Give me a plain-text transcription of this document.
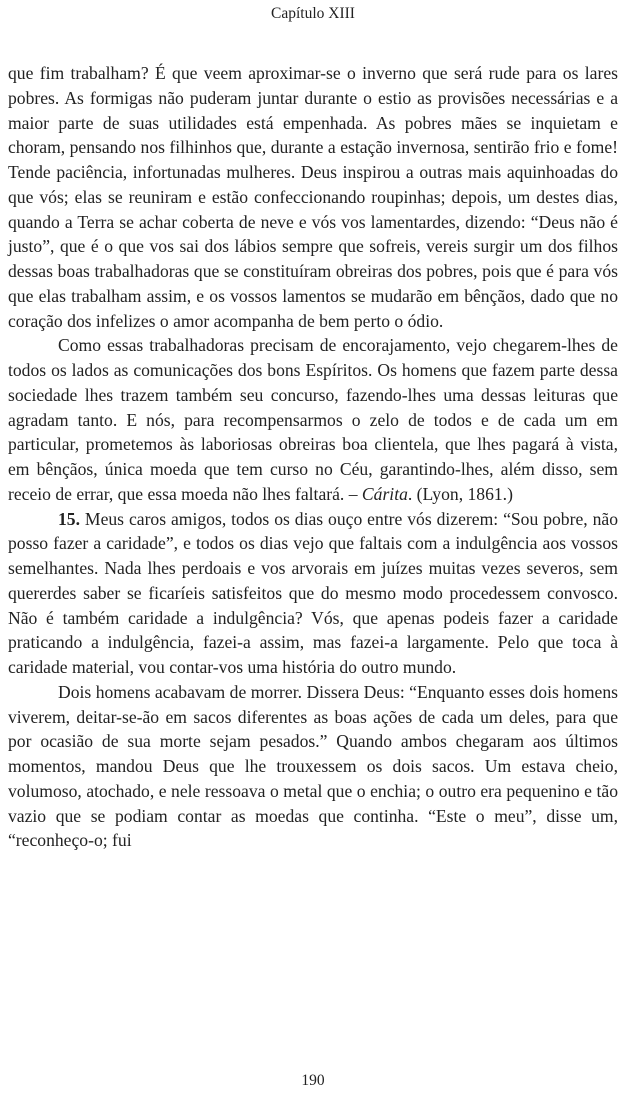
Capítulo XIII

que fim trabalham? É que veem aproximar-se o inverno que será rude para os lares pobres. As formigas não puderam juntar durante o estio as provisões necessárias e a maior parte de suas utilidades está empenhada. As pobres mães se inquietam e choram, pensando nos filhinhos que, durante a estação invernosa, sentirão frio e fome! Tende paciência, infortunadas mulheres. Deus inspirou a outras mais aquinhoadas do que vós; elas se reuniram e estão confeccionando roupinhas; depois, um destes dias, quando a Terra se achar coberta de neve e vós vos lamentardes, dizendo: “Deus não é justo”, que é o que vos sai dos lábios sempre que sofreis, vereis surgir um dos filhos dessas boas trabalhadoras que se constituíram obreiras dos pobres, pois que é para vós que elas trabalham assim, e os vossos lamentos se mudarão em bênçãos, dado que no coração dos infelizes o amor acompanha de bem perto o ódio.

Como essas trabalhadoras precisam de encorajamento, vejo chegarem-lhes de todos os lados as comunicações dos bons Espíritos. Os homens que fazem parte dessa sociedade lhes trazem também seu concurso, fazendo-lhes uma dessas leituras que agradam tanto. E nós, para recompensarmos o zelo de todos e de cada um em particular, prometemos às laboriosas obreiras boa clientela, que lhes pagará à vista, em bênçãos, única moeda que tem curso no Céu, garantindo-lhes, além disso, sem receio de errar, que essa moeda não lhes faltará. – Cárita. (Lyon, 1861.)

15. Meus caros amigos, todos os dias ouço entre vós dizerem: “Sou pobre, não posso fazer a caridade”, e todos os dias vejo que faltais com a indulgência aos vossos semelhantes. Nada lhes perdoais e vos arvorais em juízes muitas vezes severos, sem quererdes saber se ficaríeis satisfeitos que do mesmo modo procedessem convosco. Não é também caridade a indulgência? Vós, que apenas podeis fazer a caridade praticando a indulgência, fazei-a assim, mas fazei-a largamente. Pelo que toca à caridade material, vou contar-vos uma história do outro mundo.

Dois homens acabavam de morrer. Dissera Deus: “Enquanto esses dois homens viverem, deitar-se-ão em sacos diferentes as boas ações de cada um deles, para que por ocasião de sua morte sejam pesados.” Quando ambos chegaram aos últimos momentos, mandou Deus que lhe trouxessem os dois sacos. Um estava cheio, volumoso, atochado, e nele ressoava o metal que o enchia; o outro era pequenino e tão vazio que se podiam contar as moedas que continha. “Este o meu”, disse um, “reconheço-o; fui

190
